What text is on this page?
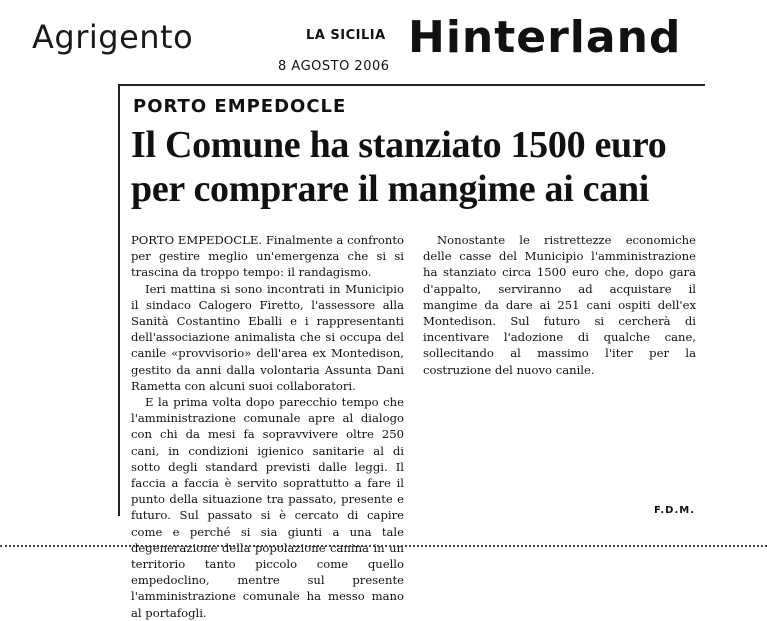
Agrigento	LA SICILIA
8 AGOSTO 2006
Hinterland
PORTO EMPEDOCLE
Il Comune ha stanziato 1500 euro per comprare il mangime ai cani

PORTO EMPEDOCLE. Finalmente a confronto per gestire meglio un'emergenza che si si trascina da troppo tempo: il randagismo.

Ieri mattina si sono incontrati in Municipio il sindaco Calogero Firetto, l'assessore alla Sanità Costantino Eballi e i rappresentanti dell'associazione animalista che si occupa del canile «provvisorio» dell'area ex Montedison, gestito da anni dalla volontaria Assunta Dani Rametta con alcuni suoi collaboratori.

E la prima volta dopo parecchio tempo che l'amministrazione comunale apre al dialogo con chi da mesi fa sopravvivere oltre 250 cani, in condizioni igienico sanitarie al di sotto degli standard previsti dalle leggi. Il faccia a faccia è servito soprattutto a fare il punto della situazione tra passato, presente e futuro. Sul passato si è cercato di capire come e perché si sia giunti a una tale degenerazione della popolazione canina in un territorio tanto piccolo come quello empedoclino, mentre sul presente l'amministrazione comunale ha messo mano al portafogli.

Nonostante le ristrettezze economiche delle casse del Municipio l'amministrazione ha stanziato circa 1500 euro che, dopo gara d'appalto, serviranno ad acquistare il mangime da dare ai 251 cani ospiti dell'ex Montedison. Sul futuro si cercherà di incentivare l'adozione di qualche cane, sollecitando al massimo l'iter per la costruzione del nuovo canile.

F.D.M.
